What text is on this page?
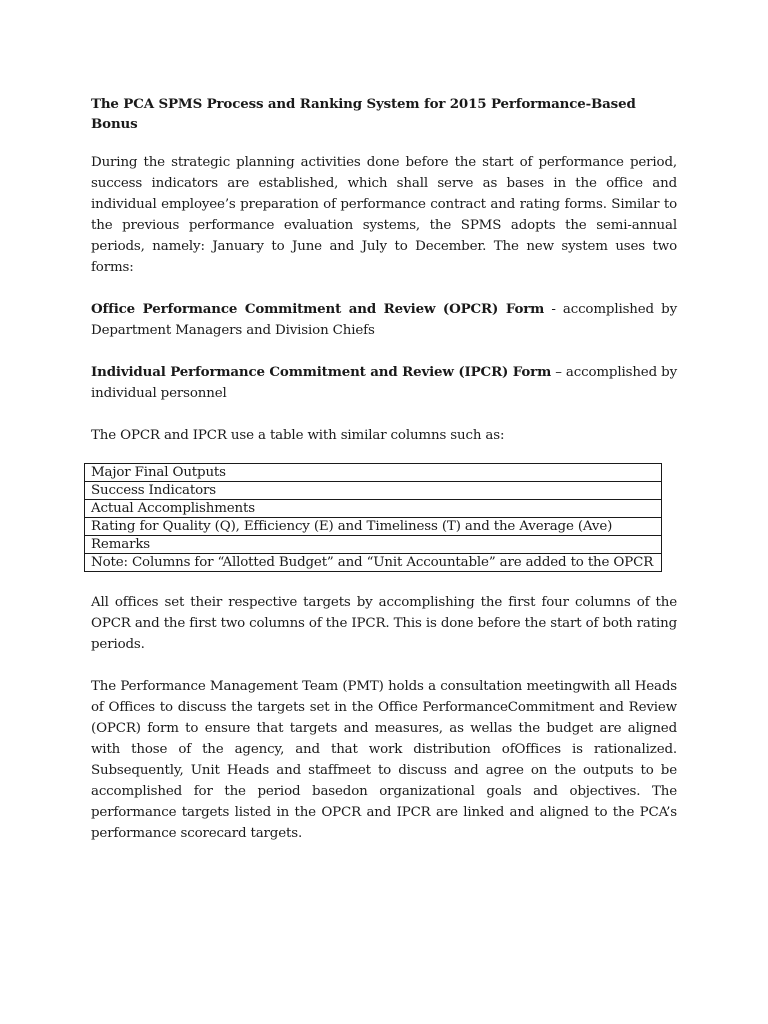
The PCA SPMS Process and Ranking System for 2015 Performance-Based Bonus

During the strategic planning activities done before the start of performance period, success indicators are established, which shall serve as bases in the office and individual employee’s preparation of performance contract and rating forms. Similar to the previous performance evaluation systems, the SPMS adopts the semi-annual periods, namely: January to June and July to December. The new system uses two forms:

Office Performance Commitment and Review (OPCR) Form - accomplished by Department Managers and Division Chiefs

Individual Performance Commitment and Review (IPCR) Form – accomplished by individual personnel

The OPCR and IPCR use a table with similar columns such as:

Major Final Outputs
Success Indicators
Actual Accomplishments
Rating for Quality (Q), Efficiency (E) and Timeliness (T) and the Average (Ave)
Remarks
Note: Columns for “Allotted Budget” and “Unit Accountable” are added to the OPCR

All offices set their respective targets by accomplishing the first four columns of the OPCR and the first two columns of the IPCR. This is done before the start of both rating periods.

The Performance Management Team (PMT) holds a consultation meetingwith all Heads of Offices to discuss the targets set in the Office PerformanceCommitment and Review (OPCR) form to ensure that targets and measures, as wellas the budget are aligned with those of the agency, and that work distribution ofOffices is rationalized. Subsequently, Unit Heads and staffmeet to discuss and agree on the outputs to be accomplished for the period basedon organizational goals and objectives. The performance targets listed in the OPCR and IPCR are linked and aligned to the PCA’s performance scorecard targets.
